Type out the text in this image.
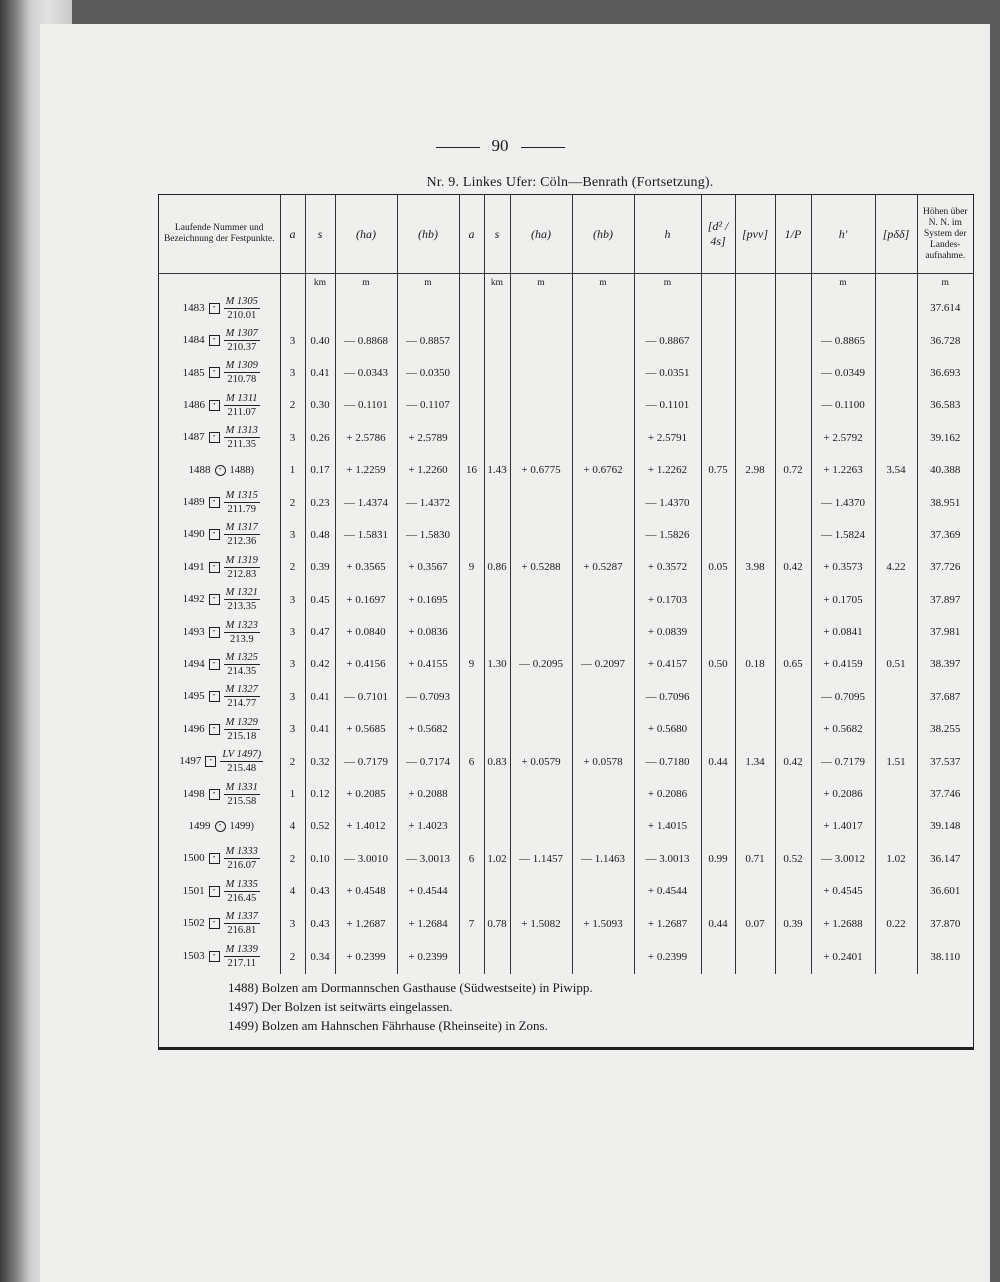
90
Nr. 9. Linkes Ufer: Cöln—Benrath (Fortsetzung).
Laufende Nummer und Bezeichnung der Festpunkte.	a	s	(ha)	(hb)	a	s	(ha)	(hb)	h	[d² / 4s]	[pvv]	1/P	h'	[pδδ]	Höhen über N. N. im System der Landes-aufnahme.
		km	m	m		km	m	m	m				m		m
1483 • $\frac{M 1305}{210.01}$															37.614
1484 • $\frac{M 1307}{210.37}$	3	0.40	— 0.8868	— 0.8857					— 0.8867				— 0.8865		36.728
1485 • $\frac{M 1309}{210.78}$	3	0.41	— 0.0343	— 0.0350					— 0.0351				— 0.0349		36.693
1486 • $\frac{M 1311}{211.07}$	2	0.30	— 0.1101	— 0.1107					— 0.1101				— 0.1100		36.583
1487 • $\frac{M 1313}{211.35}$	3	0.26	+ 2.5786	+ 2.5789					+ 2.5791				+ 2.5792		39.162
1488 • 1488)	1	0.17	+ 1.2259	+ 1.2260	16	1.43	+ 0.6775	+ 0.6762	+ 1.2262	0.75	2.98	0.72	+ 1.2263	3.54	40.388
1489 • $\frac{M 1315}{211.79}$	2	0.23	— 1.4374	— 1.4372					— 1.4370				— 1.4370		38.951
1490 • $\frac{M 1317}{212.36}$	3	0.48	— 1.5831	— 1.5830					— 1.5826				— 1.5824		37.369
1491 • $\frac{M 1319}{212.83}$	2	0.39	+ 0.3565	+ 0.3567	9	0.86	+ 0.5288	+ 0.5287	+ 0.3572	0.05	3.98	0.42	+ 0.3573	4.22	37.726
1492 • $\frac{M 1321}{213.35}$	3	0.45	+ 0.1697	+ 0.1695					+ 0.1703				+ 0.1705		37.897
1493 • $\frac{M 1323}{213.9}$	3	0.47	+ 0.0840	+ 0.0836					+ 0.0839				+ 0.0841		37.981
1494 • $\frac{M 1325}{214.35}$	3	0.42	+ 0.4156	+ 0.4155	9	1.30	— 0.2095	— 0.2097	+ 0.4157	0.50	0.18	0.65	+ 0.4159	0.51	38.397
1495 • $\frac{M 1327}{214.77}$	3	0.41	— 0.7101	— 0.7093					— 0.7096				— 0.7095		37.687
1496 • $\frac{M 1329}{215.18}$	3	0.41	+ 0.5685	+ 0.5682					+ 0.5680				+ 0.5682		38.255
1497 • $\frac{LV 1497)}{215.48}$	2	0.32	— 0.7179	— 0.7174	6	0.83	+ 0.0579	+ 0.0578	— 0.7180	0.44	1.34	0.42	— 0.7179	1.51	37.537
1498 • $\frac{M 1331}{215.58}$	1	0.12	+ 0.2085	+ 0.2088					+ 0.2086				+ 0.2086		37.746
1499 • 1499)	4	0.52	+ 1.4012	+ 1.4023					+ 1.4015				+ 1.4017		39.148
1500 • $\frac{M 1333}{216.07}$	2	0.10	— 3.0010	— 3.0013	6	1.02	— 1.1457	— 1.1463	— 3.0013	0.99	0.71	0.52	— 3.0012	1.02	36.147
1501 • $\frac{M 1335}{216.45}$	4	0.43	+ 0.4548	+ 0.4544					+ 0.4544				+ 0.4545		36.601
1502 • $\frac{M 1337}{216.81}$	3	0.43	+ 1.2687	+ 1.2684	7	0.78	+ 1.5082	+ 1.5093	+ 1.2687	0.44	0.07	0.39	+ 1.2688	0.22	37.870
1503 • $\frac{M 1339}{217.11}$	2	0.34	+ 0.2399	+ 0.2399					+ 0.2399				+ 0.2401		38.110
1488) Bolzen am Dormannschen Gasthause (Südwestseite) in Piwipp.
1497) Der Bolzen ist seitwärts eingelassen.
1499) Bolzen am Hahnschen Fährhause (Rheinseite) in Zons.
